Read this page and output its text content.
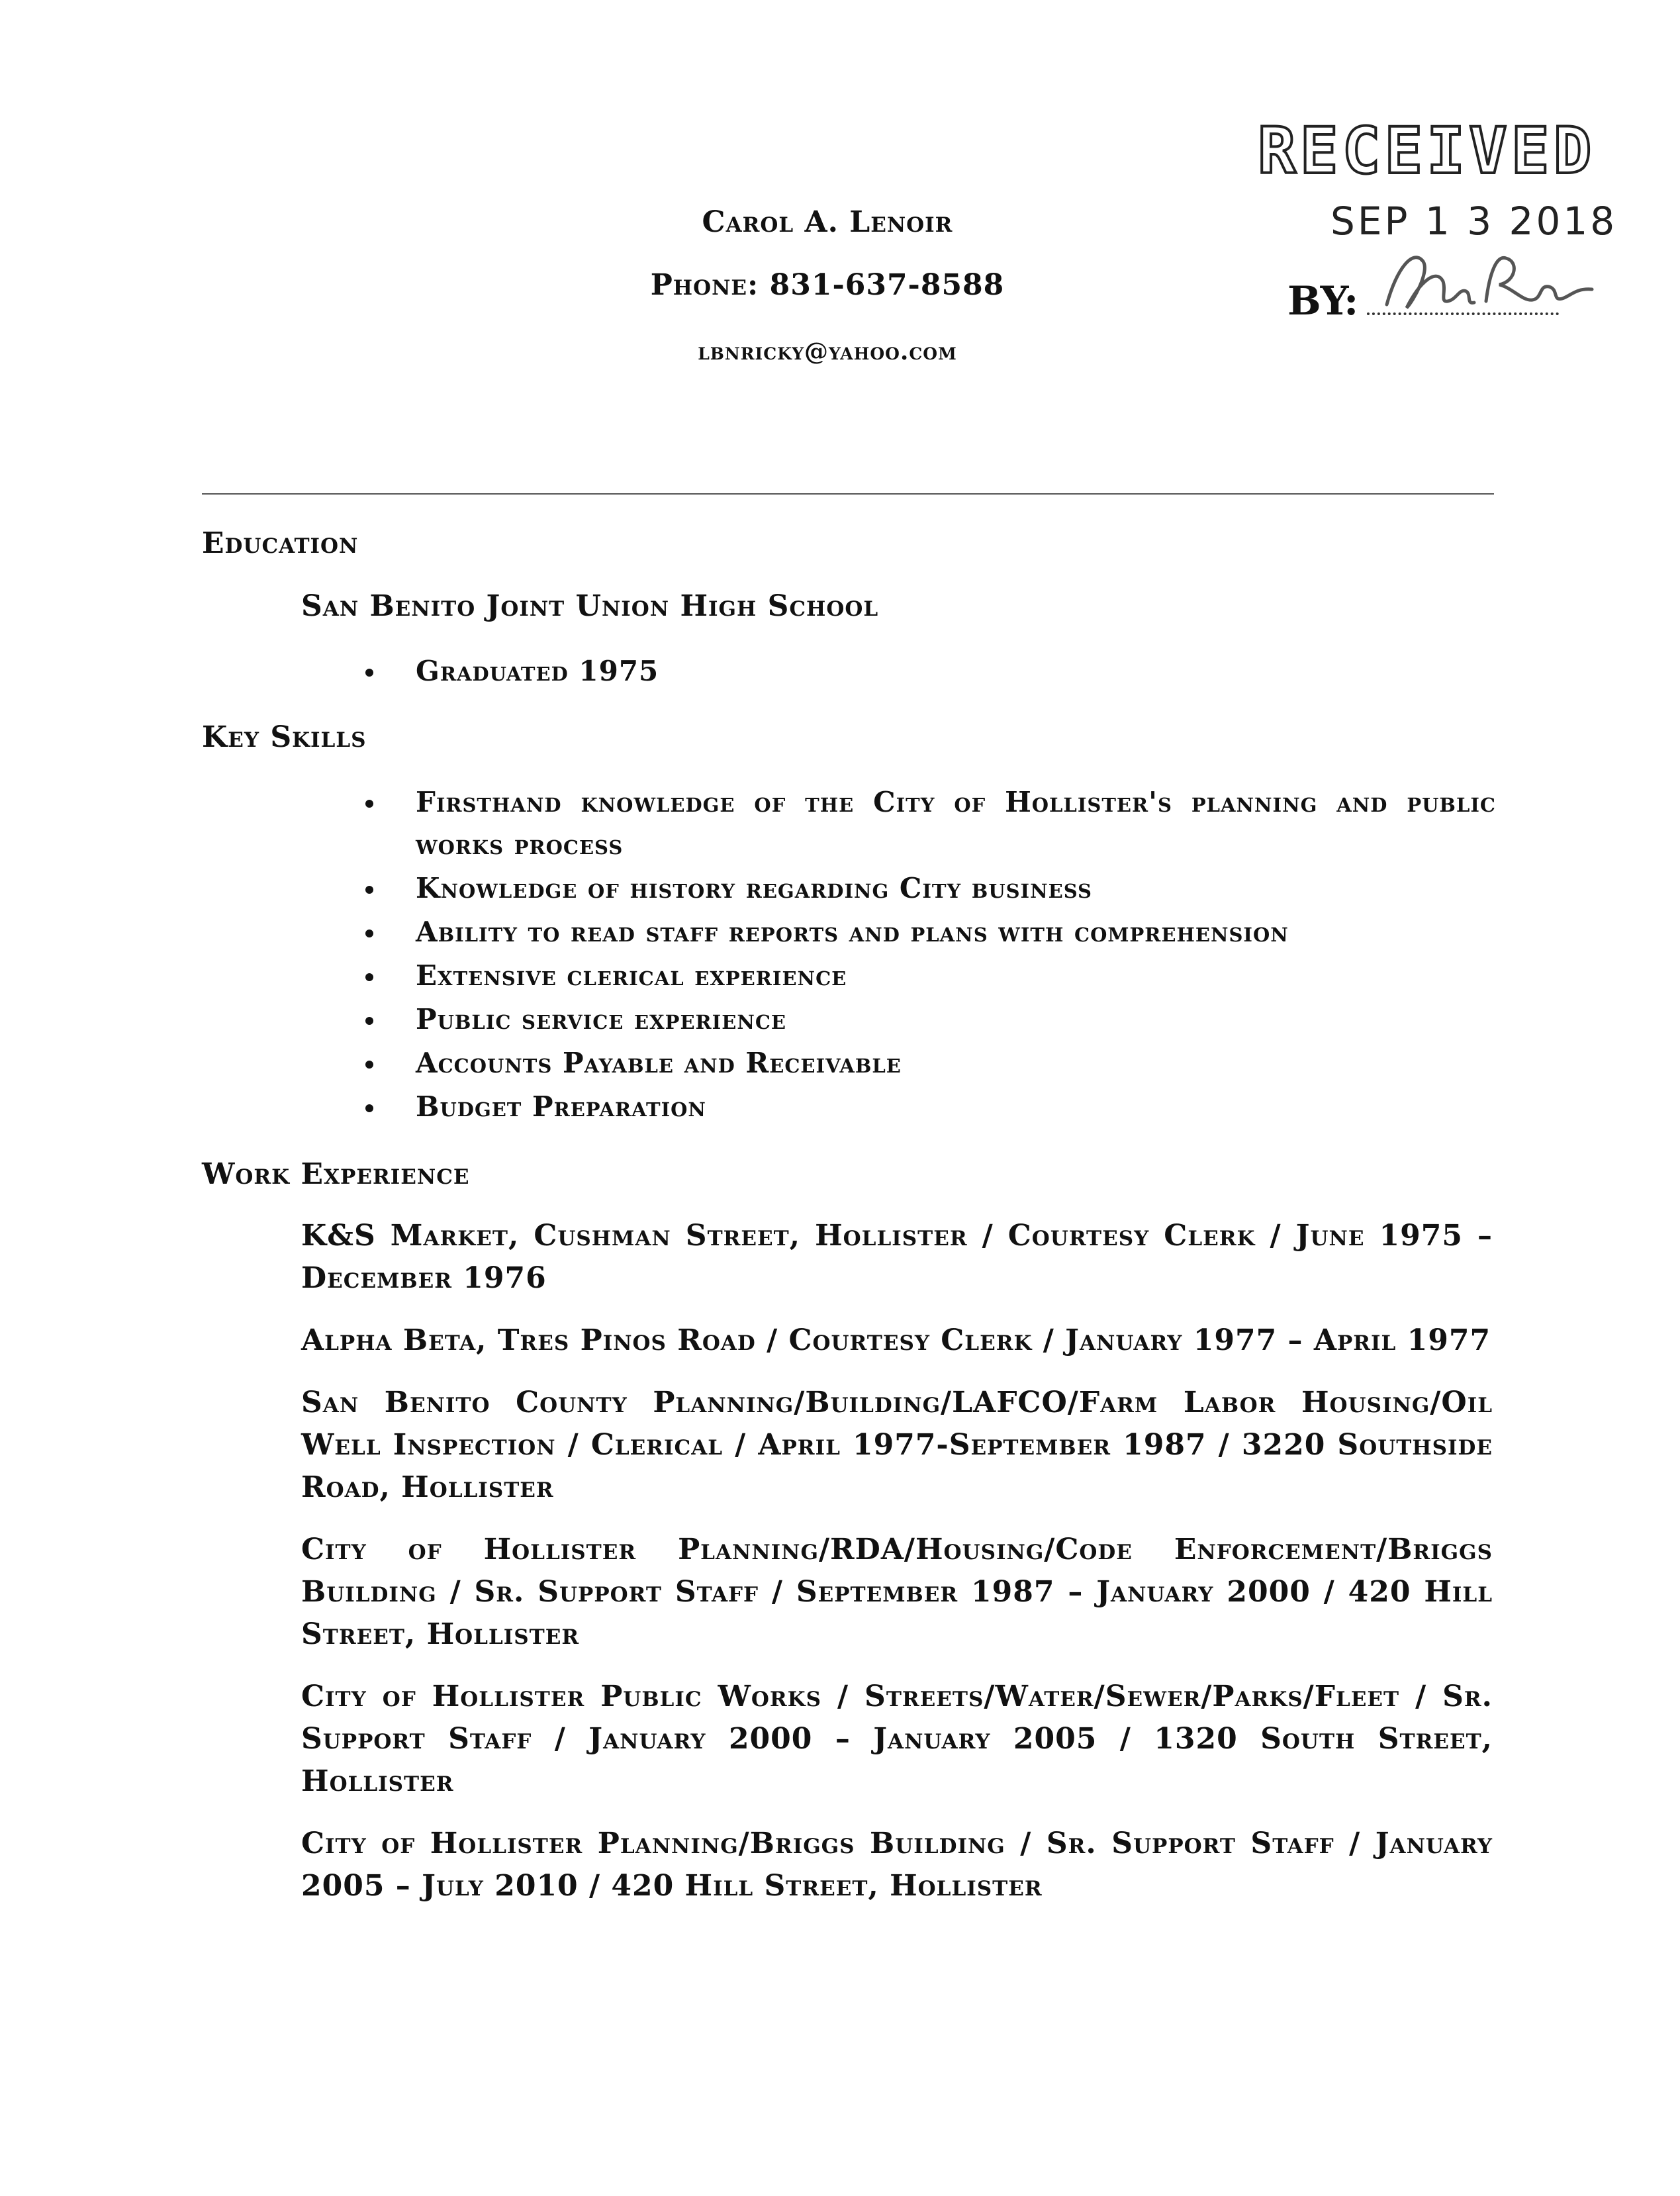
Carol A. Lenoir
Phone: 831-637-8588
lbnricky@yahoo.com
RECEIVED
SEP 1 3 2018
BY:
Education
San Benito Joint Union High School
Graduated 1975
Key Skills
Firsthand knowledge of the City of Hollister's planning and public works process
Knowledge of history regarding City business
Ability to read staff reports and plans with comprehension
Extensive clerical experience
Public service experience
Accounts Payable and Receivable
Budget Preparation
Work Experience
K&S Market, Cushman Street, Hollister / Courtesy Clerk / June 1975 – December 1976
Alpha Beta, Tres Pinos Road / Courtesy Clerk / January 1977 – April 1977
San Benito County Planning/Building/LAFCO/Farm Labor Housing/Oil Well Inspection / Clerical / April 1977-September 1987 / 3220 Southside Road, Hollister
City of Hollister Planning/RDA/Housing/Code Enforcement/Briggs Building / Sr. Support Staff / September 1987 – January 2000 / 420 Hill Street, Hollister
City of Hollister Public Works / Streets/Water/Sewer/Parks/Fleet / Sr. Support Staff / January 2000 – January 2005 / 1320 South Street, Hollister
City of Hollister Planning/Briggs Building / Sr. Support Staff / January 2005 – July 2010 / 420 Hill Street, Hollister
